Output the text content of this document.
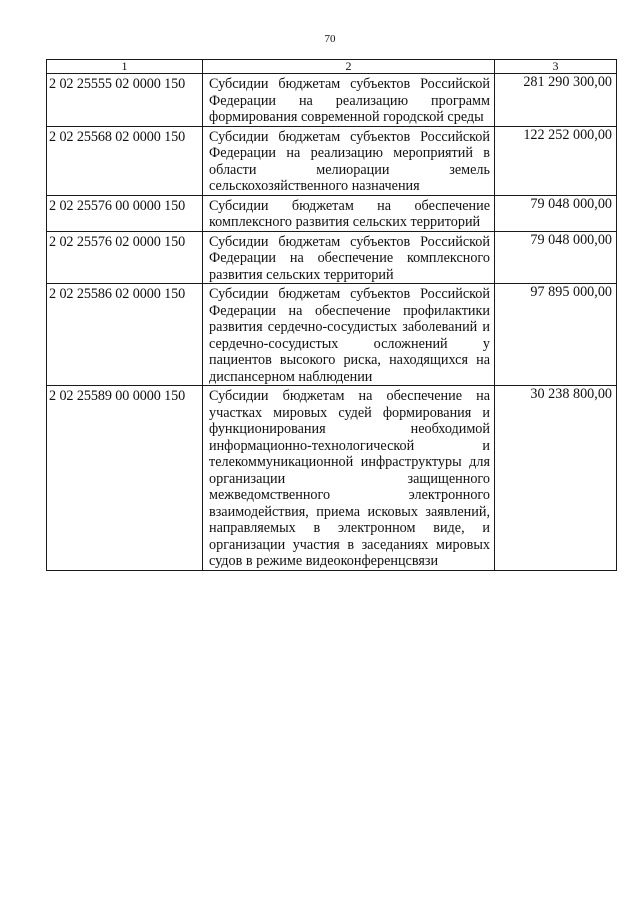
70
1	2	3
2 02 25555 02 0000 150	Субсидии бюджетам субъектов Российской Федерации на реализацию программ формирования современной городской среды	281 290 300,00
2 02 25568 02 0000 150	Субсидии бюджетам субъектов Российской Федерации на реализацию мероприятий в области мелиорации земель сельскохозяйственного назначения	122 252 000,00
2 02 25576 00 0000 150	Субсидии бюджетам на обеспечение комплексного развития сельских территорий	79 048 000,00
2 02 25576 02 0000 150	Субсидии бюджетам субъектов Российской Федерации на обеспечение комплексного развития сельских территорий	79 048 000,00
2 02 25586 02 0000 150	Субсидии бюджетам субъектов Российской Федерации на обеспечение профилактики развития сердечно-сосудистых заболеваний и сердечно-сосудистых осложнений у пациентов высокого риска, находящихся на диспансерном наблюдении	97 895 000,00
2 02 25589 00 0000 150	Субсидии бюджетам на обеспечение на участках мировых судей формирования и функционирования необходимой информационно-технологической и телекоммуникационной инфраструктуры для организации защищенного межведомственного электронного взаимодействия, приема исковых заявлений, направляемых в электронном виде, и организации участия в заседаниях мировых судов в режиме видеоконференцсвязи	30 238 800,00
